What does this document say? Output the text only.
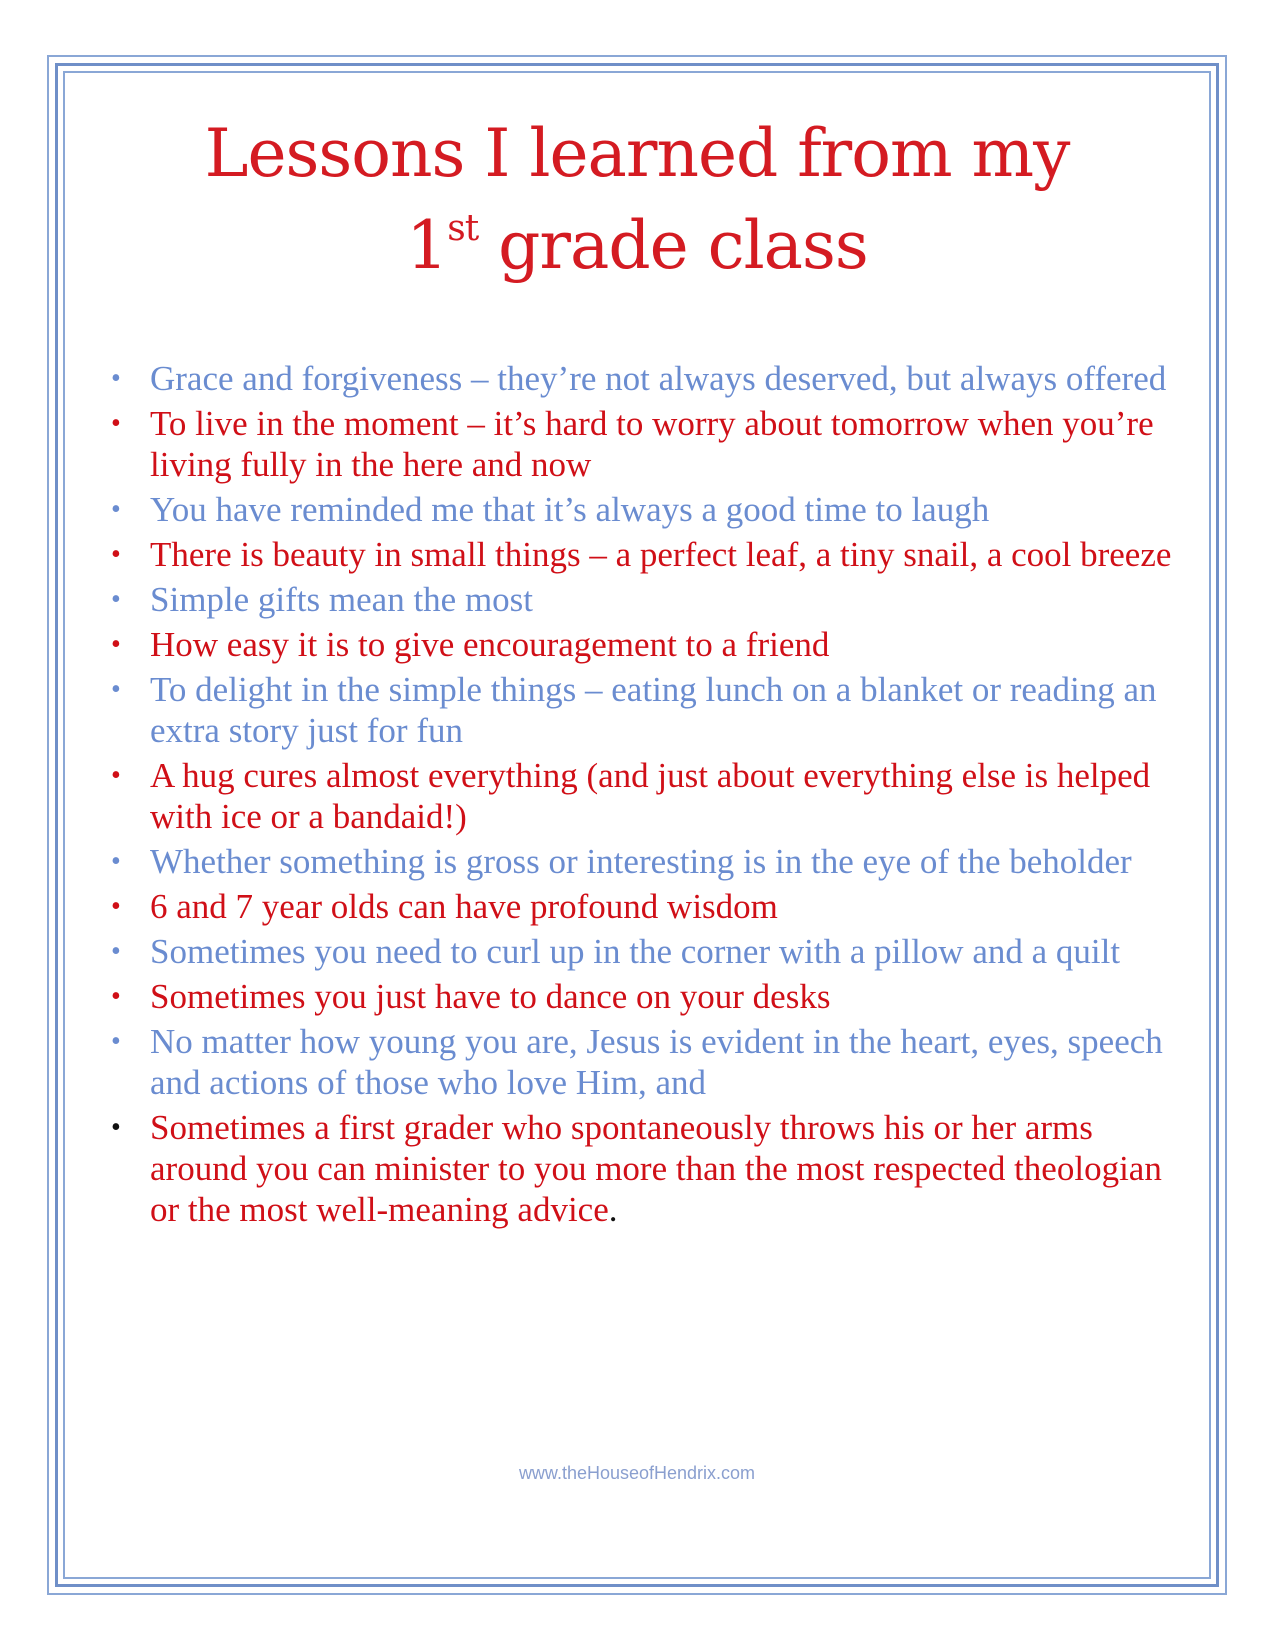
Lessons I learned from my
1st grade class
• Grace and forgiveness – they’re not always deserved, but always offered
• To live in the moment – it’s hard to worry about tomorrow when you’re living fully in the here and now
• You have reminded me that it’s always a good time to laugh
• There is beauty in small things – a perfect leaf, a tiny snail, a cool breeze
• Simple gifts mean the most
• How easy it is to give encouragement to a friend
• To delight in the simple things – eating lunch on a blanket or reading an extra story just for fun
• A hug cures almost everything (and just about everything else is helped with ice or a bandaid!)
• Whether something is gross or interesting is in the eye of the beholder
• 6 and 7 year olds can have profound wisdom
• Sometimes you need to curl up in the corner with a pillow and a quilt
• Sometimes you just have to dance on your desks
• No matter how young you are, Jesus is evident in the heart, eyes, speech and actions of those who love Him, and
• Sometimes a first grader who spontaneously throws his or her arms around you can minister to you more than the most respected theologian or the most well-meaning advice.
www.theHouseofHendrix.com
